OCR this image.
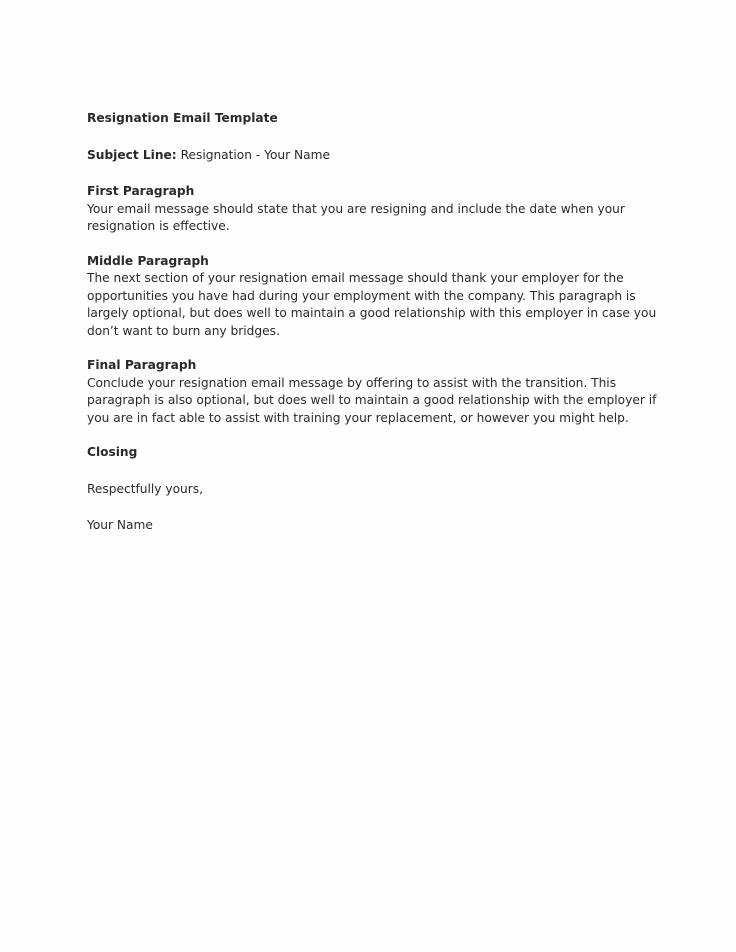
Resignation Email Template
Subject Line: Resignation - Your Name
First Paragraph
Your email message should state that you are resigning and include the date when your resignation is effective.
Middle Paragraph
The next section of your resignation email message should thank your employer for the opportunities you have had during your employment with the company. This paragraph is largely optional, but does well to maintain a good relationship with this employer in case you don’t want to burn any bridges.
Final Paragraph
Conclude your resignation email message by offering to assist with the transition. This paragraph is also optional, but does well to maintain a good relationship with the employer if you are in fact able to assist with training your replacement, or however you might help.
Closing
Respectfully yours,
Your Name
